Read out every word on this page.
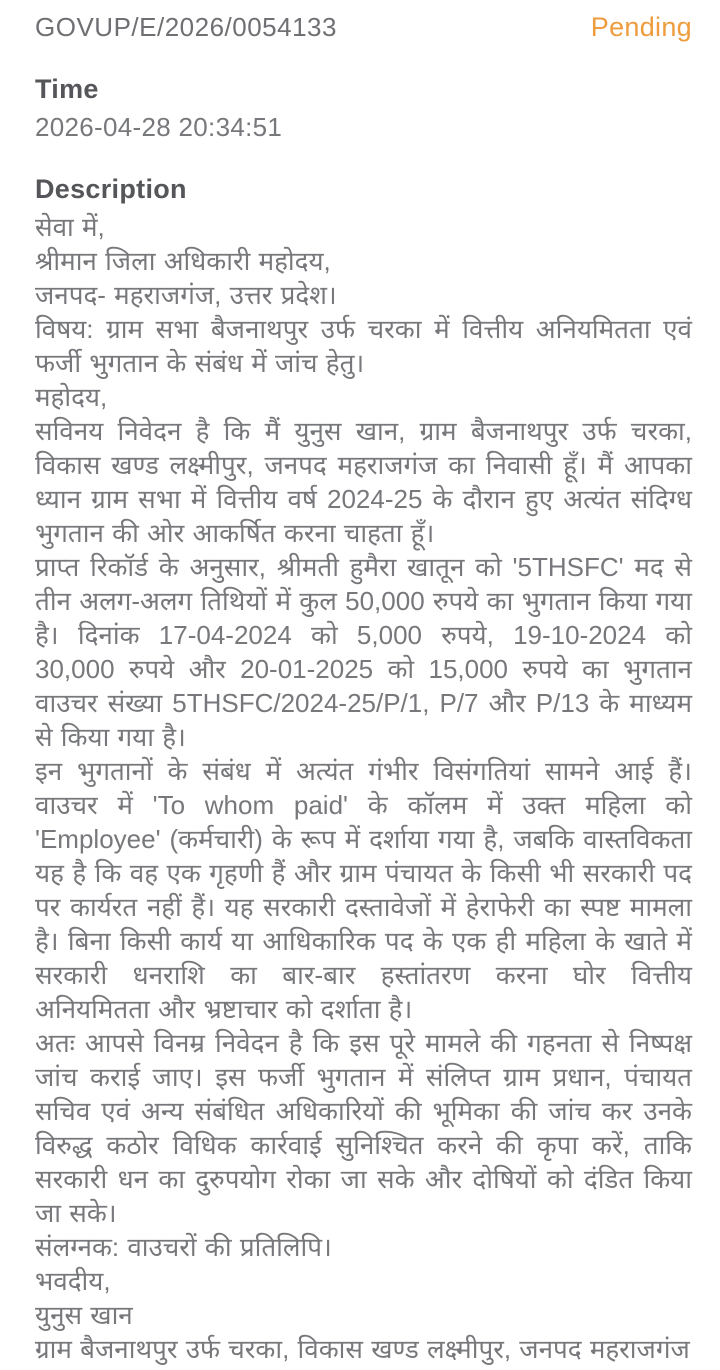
GOVUP/E/2026/0054133	Pending
Time
2026-04-28 20:34:51
Description

सेवा में,

श्रीमान जिला अधिकारी महोदय,

जनपद- महराजगंज, उत्तर प्रदेश।

विषय: ग्राम सभा बैजनाथपुर उर्फ चरका में वित्तीय अनियमितता एवं फर्जी भुगतान के संबंध में जांच हेतु।

महोदय,

सविनय निवेदन है कि मैं युनुस खान, ग्राम बैजनाथपुर उर्फ चरका, विकास खण्ड लक्ष्मीपुर, जनपद महराजगंज का निवासी हूँ। मैं आपका ध्यान ग्राम सभा में वित्तीय वर्ष 2024-25 के दौरान हुए अत्यंत संदिग्ध भुगतान की ओर आकर्षित करना चाहता हूँ।

प्राप्त रिकॉर्ड के अनुसार, श्रीमती हुमैरा खातून को '5THSFC' मद से तीन अलग-अलग तिथियों में कुल 50,000 रुपये का भुगतान किया गया है। दिनांक 17-04-2024 को 5,000 रुपये, 19-10-2024 को 30,000 रुपये और 20-01-2025 को 15,000 रुपये का भुगतान वाउचर संख्या 5THSFC/2024-25/P/1, P/7 और P/13 के माध्यम से किया गया है।

इन भुगतानों के संबंध में अत्यंत गंभीर विसंगतियां सामने आई हैं। वाउचर में 'To whom paid' के कॉलम में उक्त महिला को 'Employee' (कर्मचारी) के रूप में दर्शाया गया है, जबकि वास्तविकता यह है कि वह एक गृहणी हैं और ग्राम पंचायत के किसी भी सरकारी पद पर कार्यरत नहीं हैं। यह सरकारी दस्तावेजों में हेराफेरी का स्पष्ट मामला है। बिना किसी कार्य या आधिकारिक पद के एक ही महिला के खाते में सरकारी धनराशि का बार-बार हस्तांतरण करना घोर वित्तीय अनियमितता और भ्रष्टाचार को दर्शाता है।

अतः आपसे विनम्र निवेदन है कि इस पूरे मामले की गहनता से निष्पक्ष जांच कराई जाए। इस फर्जी भुगतान में संलिप्त ग्राम प्रधान, पंचायत सचिव एवं अन्य संबंधित अधिकारियों की भूमिका की जांच कर उनके विरुद्ध कठोर विधिक कार्रवाई सुनिश्चित करने की कृपा करें, ताकि सरकारी धन का दुरुपयोग रोका जा सके और दोषियों को दंडित किया जा सके।

संलग्नक: वाउचरों की प्रतिलिपि।

भवदीय,

युनुस खान

ग्राम बैजनाथपुर उर्फ चरका, विकास खण्ड लक्ष्मीपुर, जनपद महराजगंज
